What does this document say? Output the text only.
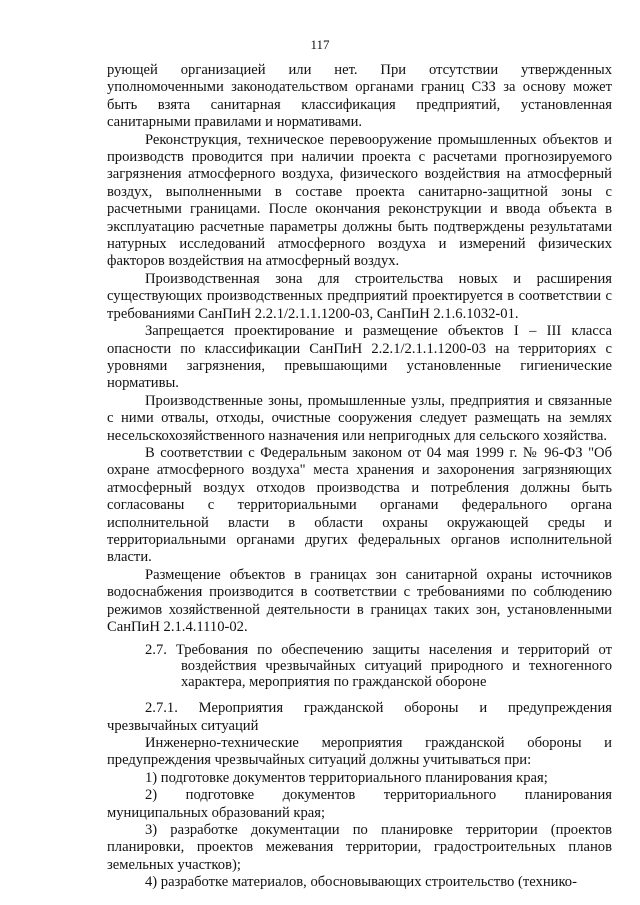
117

рующей организацией или нет. При отсутствии утвержденных уполномоченными законодательством органами границ СЗЗ за основу может быть взята санитарная классификация предприятий, установленная санитарными правилами и нормативами.

Реконструкция, техническое перевооружение промышленных объектов и производств проводится при наличии проекта с расчетами прогнозируемого загрязнения атмосферного воздуха, физического воздействия на атмосферный воздух, выполненными в составе проекта санитарно-защитной зоны с расчетными границами. После окончания реконструкции и ввода объекта в эксплуатацию расчетные параметры должны быть подтверждены результатами натурных исследований атмосферного воздуха и измерений физических факторов воздействия на атмосферный воздух.

Производственная зона для строительства новых и расширения существующих производственных предприятий проектируется в соответствии с требованиями СанПиН 2.2.1/2.1.1.1200-03, СанПиН 2.1.6.1032-01.

Запрещается проектирование и размещение объектов I – III класса опасности по классификации СанПиН 2.2.1/2.1.1.1200-03 на территориях с уровнями загрязнения, превышающими установленные гигиенические нормативы.

Производственные зоны, промышленные узлы, предприятия и связанные с ними отвалы, отходы, очистные сооружения следует размещать на землях несельскохозяйственного назначения или непригодных для сельского хозяйства.

В соответствии с Федеральным законом от 04 мая 1999 г. № 96-ФЗ "Об охране атмосферного воздуха" места хранения и захоронения загрязняющих атмосферный воздух отходов производства и потребления должны быть согласованы с территориальными органами федерального органа исполнительной власти в области охраны окружающей среды и территориальными органами других федеральных органов исполнительной власти.

Размещение объектов в границах зон санитарной охраны источников водоснабжения производится в соответствии с требованиями по соблюдению режимов хозяйственной деятельности в границах таких зон, установленными СанПиН 2.1.4.1110-02.

2.7. Требования по обеспечению защиты населения и территорий от воздействия чрезвычайных ситуаций природного и техногенного характера, мероприятия по гражданской обороне

2.7.1. Мероприятия гражданской обороны и предупреждения чрезвычайных ситуаций

Инженерно-технические мероприятия гражданской обороны и предупреждения чрезвычайных ситуаций должны учитываться при:

1) подготовке документов территориального планирования края;

2) подготовке документов территориального планирования муниципальных образований края;

3) разработке документации по планировке территории (проектов планировки, проектов межевания территории, градостроительных планов земельных участков);

4) разработке материалов, обосновывающих строительство (технико-
